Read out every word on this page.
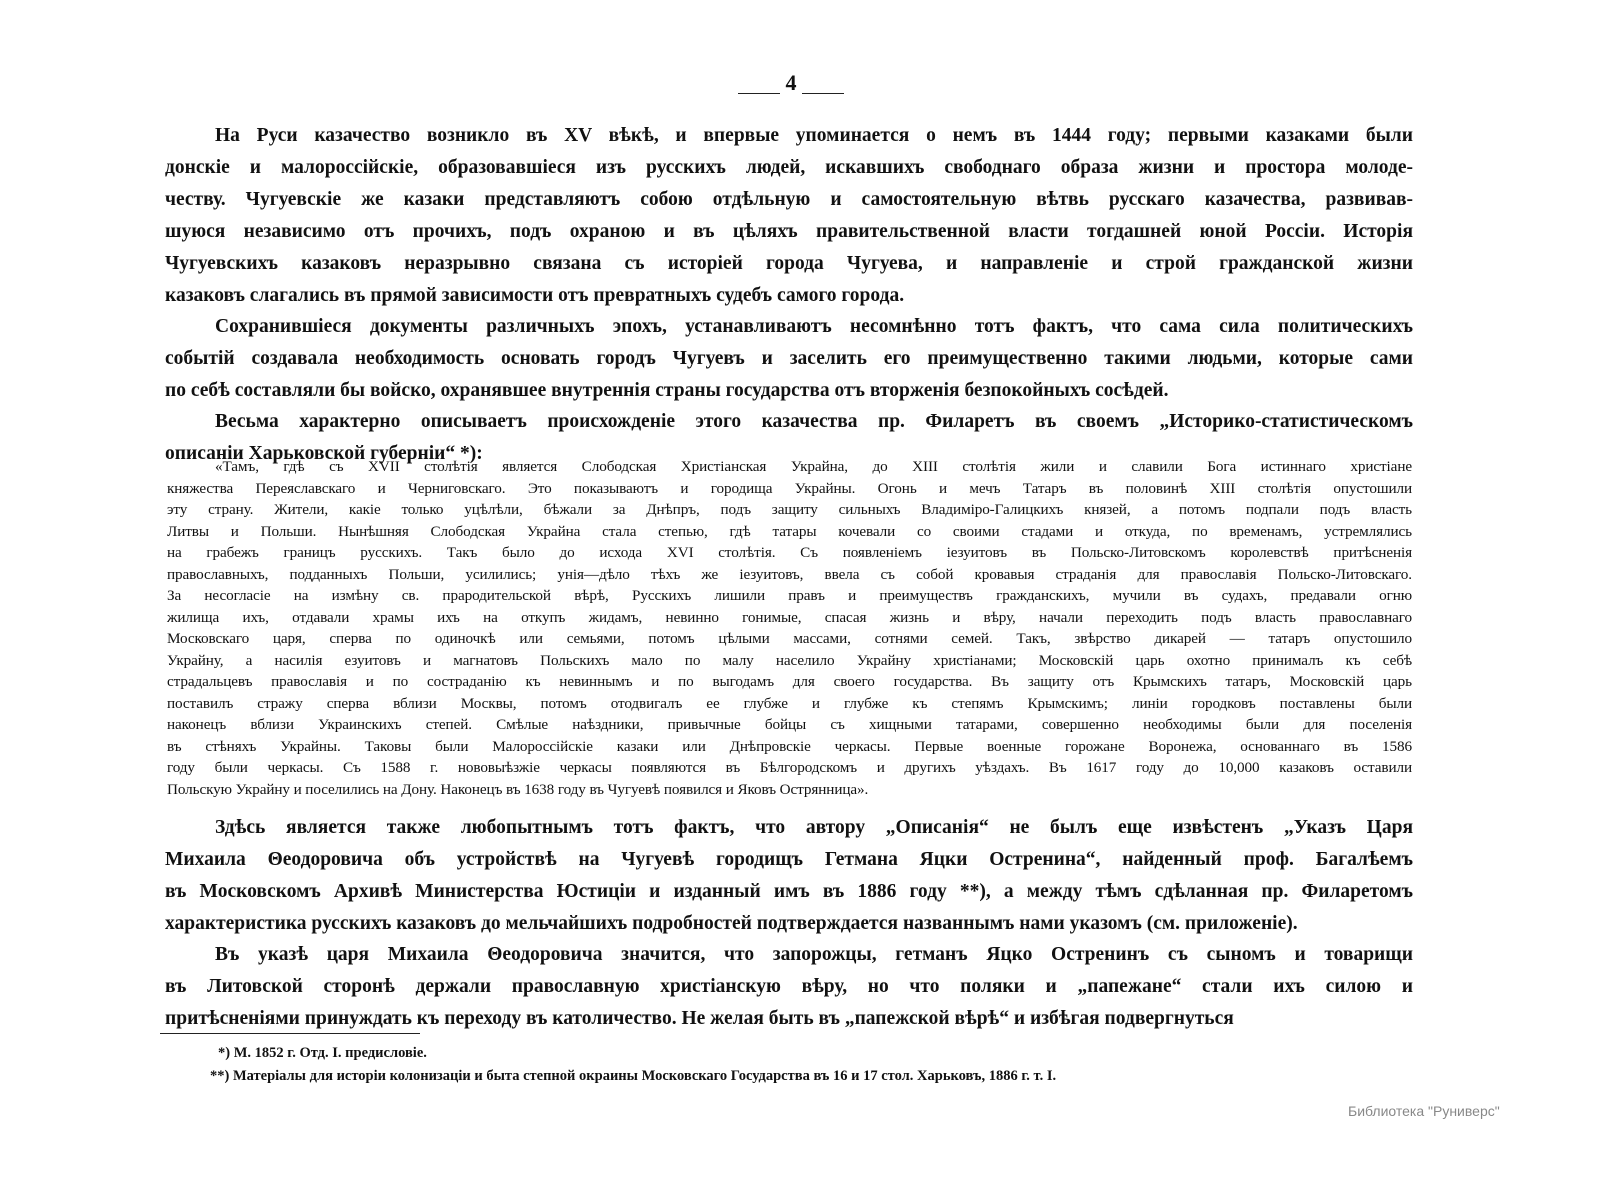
4
На Руси казачество возникло въ XV вѣкѣ, и впервые упоминается о немъ въ 1444 году; первыми казаками были
донскіе и малороссійскіе, образовавшіеся изъ русскихъ людей, искавшихъ свободнаго образа жизни и простора молоде-
честву. Чугуевскіе же казаки представляютъ собою отдѣльную и самостоятельную вѣтвь русскаго казачества, развивав-
шуюся независимо отъ прочихъ, подъ охраною и въ цѣляхъ правительственной власти тогдашней юной Россіи. Исторія
Чугуевскихъ казаковъ неразрывно связана съ исторіей города Чугуева, и направленіе и строй гражданской жизни
казаковъ слагались въ прямой зависимости отъ превратныхъ судебъ самого города.
Сохранившіеся документы различныхъ эпохъ, устанавливаютъ несомнѣнно тотъ фактъ, что сама сила политическихъ
событій создавала необходимость основать городъ Чугуевъ и заселить его преимущественно такими людьми, которые сами
по себѣ составляли бы войско, охранявшее внутреннія страны государства отъ вторженія безпокойныхъ сосѣдей.
Весьма характерно описываетъ происхожденіе этого казачества пр. Филаретъ въ своемъ „Историко-статистическомъ
описаніи Харьковской губерніи“ *):
«Тамъ, гдѣ съ XVII столѣтія является Слободская Христіанская Украйна, до XIII столѣтія жили и славили Бога истиннаго христіане
княжества Переяславскаго и Черниговскаго. Это показываютъ и городища Украйны. Огонь и мечъ Татаръ въ половинѣ XIII столѣтія опустошили
эту страну. Жители, какіе только уцѣлѣли, бѣжали за Днѣпръ, подъ защиту сильныхъ Владиміро-Галицкихъ князей, а потомъ подпали подъ власть
Литвы и Польши. Нынѣшняя Слободская Украйна стала степью, гдѣ татары кочевали со своими стадами и откуда, по временамъ, устремлялись
на грабежъ границъ русскихъ. Такъ было до исхода XVI столѣтія. Съ появленіемъ іезуитовъ въ Польско-Литовскомъ королевствѣ притѣсненія
православныхъ, подданныхъ Польши, усилились; унія—дѣло тѣхъ же іезуитовъ, ввела съ собой кровавыя страданія для православія Польско-Литовскаго.
За несогласіе на измѣну св. прародительской вѣрѣ, Русскихъ лишили правъ и преимуществъ гражданскихъ, мучили въ судахъ, предавали огню
жилища ихъ, отдавали храмы ихъ на откупъ жидамъ, невинно гонимые, спасая жизнь и вѣру, начали переходить подъ власть православнаго
Московскаго царя, сперва по одиночкѣ или семьями, потомъ цѣлыми массами, сотнями семей. Такъ, звѣрство дикарей — татаръ опустошило
Украйну, а насилія езуитовъ и магнатовъ Польскихъ мало по малу населило Украйну христіанами; Московскій царь охотно принималъ къ себѣ
страдальцевъ православія и по состраданію къ невиннымъ и по выгодамъ для своего государства. Въ защиту отъ Крымскихъ татаръ, Московскій царь
поставилъ стражу сперва вблизи Москвы, потомъ отодвигалъ ее глубже и глубже къ степямъ Крымскимъ; линіи городковъ поставлены были
наконецъ вблизи Украинскихъ степей. Смѣлые наѣздники, привычные бойцы съ хищными татарами, совершенно необходимы были для поселенія
въ стѣняхъ Украйны. Таковы были Малороссійскіе казаки или Днѣпровскіе черкасы. Первые военные горожане Воронежа, основаннаго въ 1586
году были черкасы. Съ 1588 г. нововыѣзжіе черкасы появляются въ Бѣлгородскомъ и другихъ уѣздахъ. Въ 1617 году до 10,000 казаковъ оставили
Польскую Украйну и поселились на Дону. Наконецъ въ 1638 году въ Чугуевѣ появился и Яковъ Острянница».
Здѣсь является также любопытнымъ тотъ фактъ, что автору „Описанія“ не былъ еще извѣстенъ „Указъ Царя
Михаила Θеодоровича объ устройствѣ на Чугуевѣ городищъ Гетмана Яцки Остренина“, найденный проф. Багалѣемъ
въ Московскомъ Архивѣ Министерства Юстиціи и изданный имъ въ 1886 году **), а между тѣмъ сдѣланная пр. Филаретомъ
характеристика русскихъ казаковъ до мельчайшихъ подробностей подтверждается названнымъ нами указомъ (см. приложеніе).
Въ указѣ царя Михаила Θеодоровича значится, что запорожцы, гетманъ Яцко Остренинъ съ сыномъ и товарищи
въ Литовской сторонѣ держали православную христіанскую вѣру, но что поляки и „папежане“ стали ихъ силою и
притѣсненіями принуждать къ переходу въ католичество. Не желая быть въ „папежской вѣрѣ“ и избѣгая подвергнуться
*) М. 1852 г. Отд. I. предисловіе.
**) Матеріалы для исторіи колонизаціи и быта степной окраины Московскаго Государства въ 16 и 17 стол. Харьковъ, 1886 г. т. I.
Библиотека "Руниверс"
